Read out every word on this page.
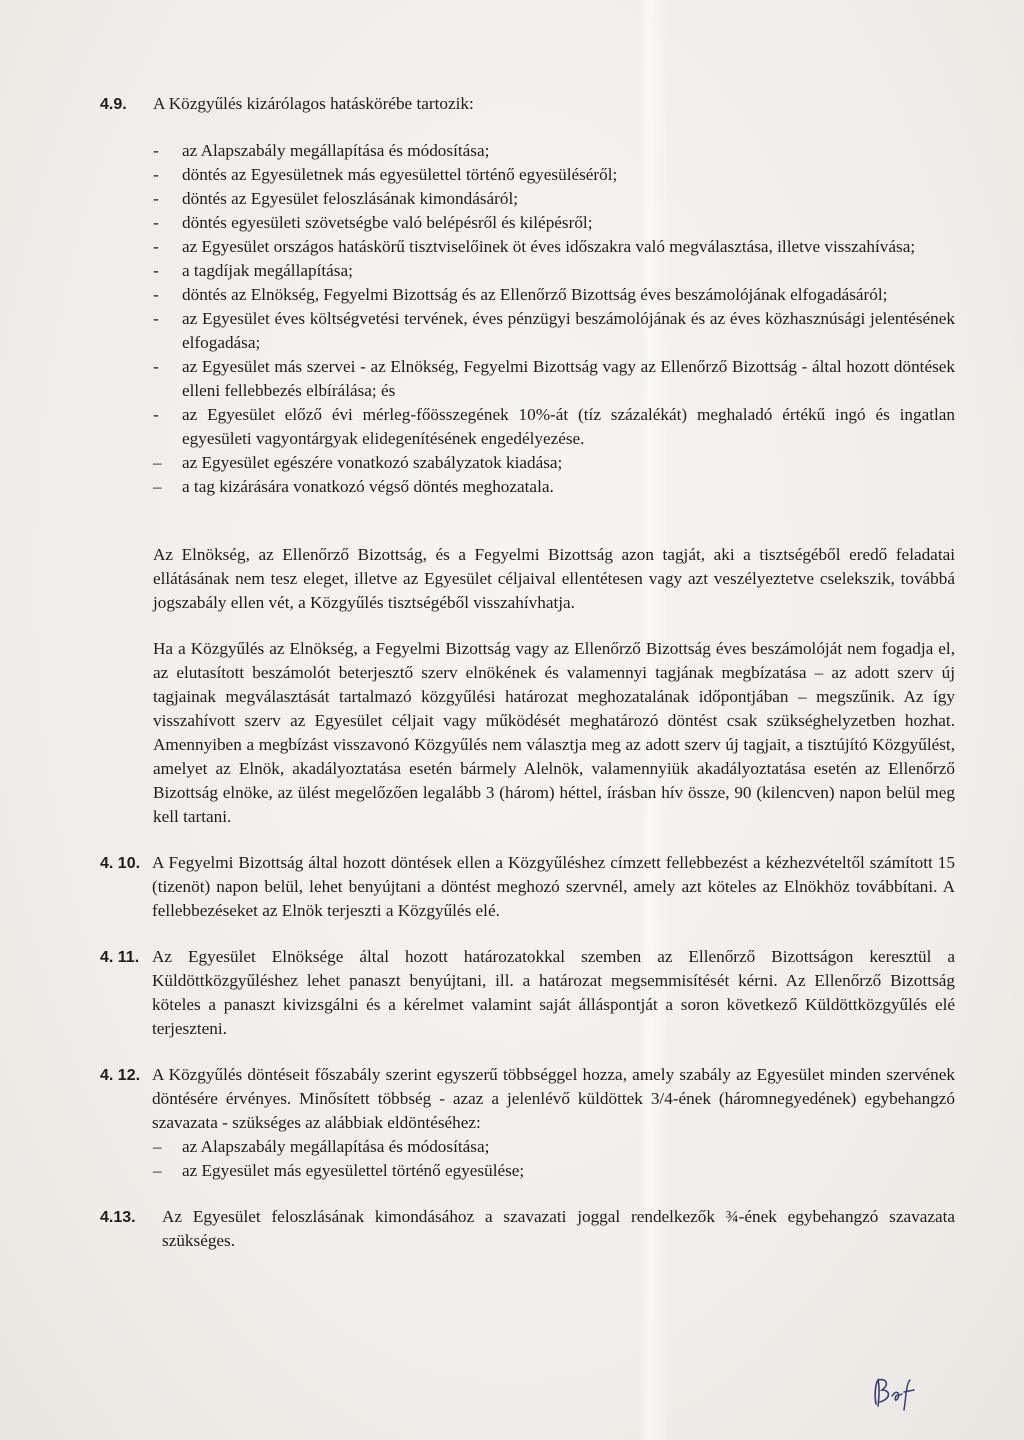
4.9.	A Közgyűlés kizárólagos hatáskörébe tartozik:
- az Alapszabály megállapítása és módosítása;
- döntés az Egyesületnek más egyesülettel történő egyesüléséről;
- döntés az Egyesület feloszlásának kimondásáról;
- döntés egyesületi szövetségbe való belépésről és kilépésről;
- az Egyesület országos hatáskörű tisztviselőinek öt éves időszakra való megválasztása, illetve visszahívása;
- a tagdíjak megállapítása;
- döntés az Elnökség, Fegyelmi Bizottság és az Ellenőrző Bizottság éves beszámolójának elfogadásáról;
- az Egyesület éves költségvetési tervének, éves pénzügyi beszámolójának és az éves közhasznúsági jelentésének elfogadása;
- az Egyesület más szervei - az Elnökség, Fegyelmi Bizottság vagy az Ellenőrző Bizottság - által hozott döntések elleni fellebbezés elbírálása; és
- az Egyesület előző évi mérleg-főösszegének 10%-át (tíz százalékát) meghaladó értékű ingó és ingatlan egyesületi vagyontárgyak elidegenítésének engedélyezése.
– az Egyesület egészére vonatkozó szabályzatok kiadása;
– a tag kizárására vonatkozó végső döntés meghozatala.

Az Elnökség, az Ellenőrző Bizottság, és a Fegyelmi Bizottság azon tagját, aki a tisztségéből eredő feladatai ellátásának nem tesz eleget, illetve az Egyesület céljaival ellentétesen vagy azt veszélyeztetve cselekszik, továbbá jogszabály ellen vét, a Közgyűlés tisztségéből visszahívhatja.

Ha a Közgyűlés az Elnökség, a Fegyelmi Bizottság vagy az Ellenőrző Bizottság éves beszámolóját nem fogadja el, az elutasított beszámolót beterjesztő szerv elnökének és valamennyi tagjának megbízatása – az adott szerv új tagjainak megválasztását tartalmazó közgyűlési határozat meghozatalának időpontjában – megszűnik. Az így visszahívott szerv az Egyesület céljait vagy működését meghatározó döntést csak szükséghelyzetben hozhat. Amennyiben a megbízást visszavonó Közgyűlés nem választja meg az adott szerv új tagjait, a tisztújító Közgyűlést, amelyet az Elnök, akadályoztatása esetén bármely Alelnök, valamennyiük akadályoztatása esetén az Ellenőrző Bizottság elnöke, az ülést megelőzően legalább 3 (három) héttel, írásban hív össze, 90 (kilencven) napon belül meg kell tartani.

4. 10. A Fegyelmi Bizottság által hozott döntések ellen a Közgyűléshez címzett fellebbezést a kézhezvételtől számított 15 (tizenöt) napon belül, lehet benyújtani a döntést meghozó szervnél, amely azt köteles az Elnökhöz továbbítani. A fellebbezéseket az Elnök terjeszti a Közgyűlés elé.
4. 11. Az Egyesület Elnöksége által hozott határozatokkal szemben az Ellenőrző Bizottságon keresztül a Küldöttközgyűléshez lehet panaszt benyújtani, ill. a határozat megsemmisítését kérni. Az Ellenőrző Bizottság köteles a panaszt kivizsgálni és a kérelmet valamint saját álláspontját a soron következő Küldöttközgyűlés elé terjeszteni.
4. 12. A Közgyűlés döntéseit főszabály szerint egyszerű többséggel hozza, amely szabály az Egyesület minden szervének döntésére érvényes. Minősített többség - azaz a jelenlévő küldöttek 3/4-ének (háromnegyedének) egybehangzó szavazata - szükséges az alábbiak eldöntéséhez:
– az Alapszabály megállapítása és módosítása;
– az Egyesület más egyesülettel történő egyesülése;
4.13.	Az Egyesület feloszlásának kimondásához a szavazati joggal rendelkezők ¾-ének egybehangzó szavazata szükséges.
